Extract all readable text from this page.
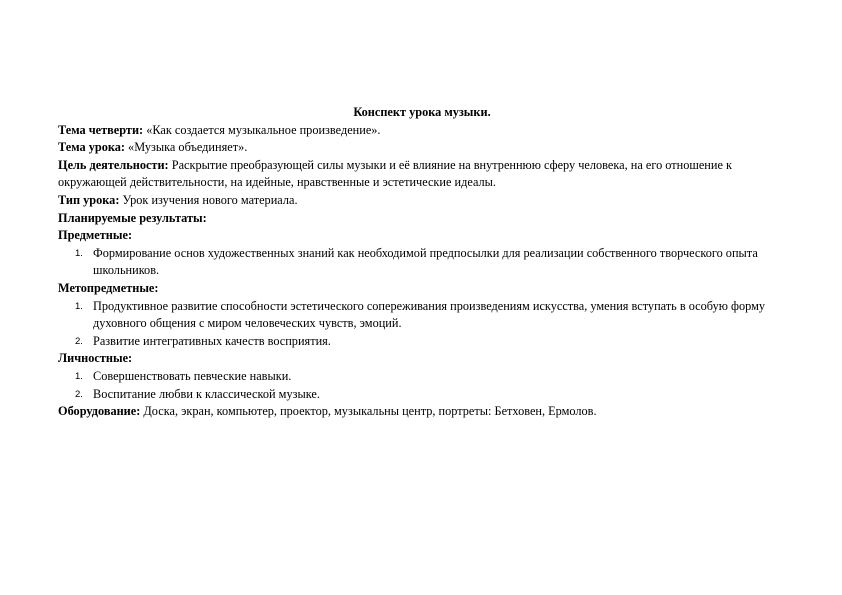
Конспект урока музыки.
Тема четверти: «Как создается музыкальное произведение».
Тема урока: «Музыка объединяет».
Цель деятельности: Раскрытие преобразующей силы музыки и её влияние на внутреннюю сферу человека, на его отношение к окружающей действительности, на идейные, нравственные и эстетические идеалы.
Тип урока: Урок изучения нового материала.
Планируемые результаты:
Предметные:
1. Формирование основ художественных знаний как необходимой предпосылки для реализации собственного творческого опыта школьников.
Метопредметные:
1. Продуктивное развитие способности эстетического сопереживания произведениям искусства, умения вступать в особую форму духовного общения с миром человеческих чувств, эмоций.
2. Развитие интегративных качеств восприятия.
Личностные:
1. Совершенствовать певческие навыки.
2. Воспитание любви к классической музыке.
Оборудование: Доска, экран, компьютер, проектор, музыкальны центр, портреты: Бетховен, Ермолов.
